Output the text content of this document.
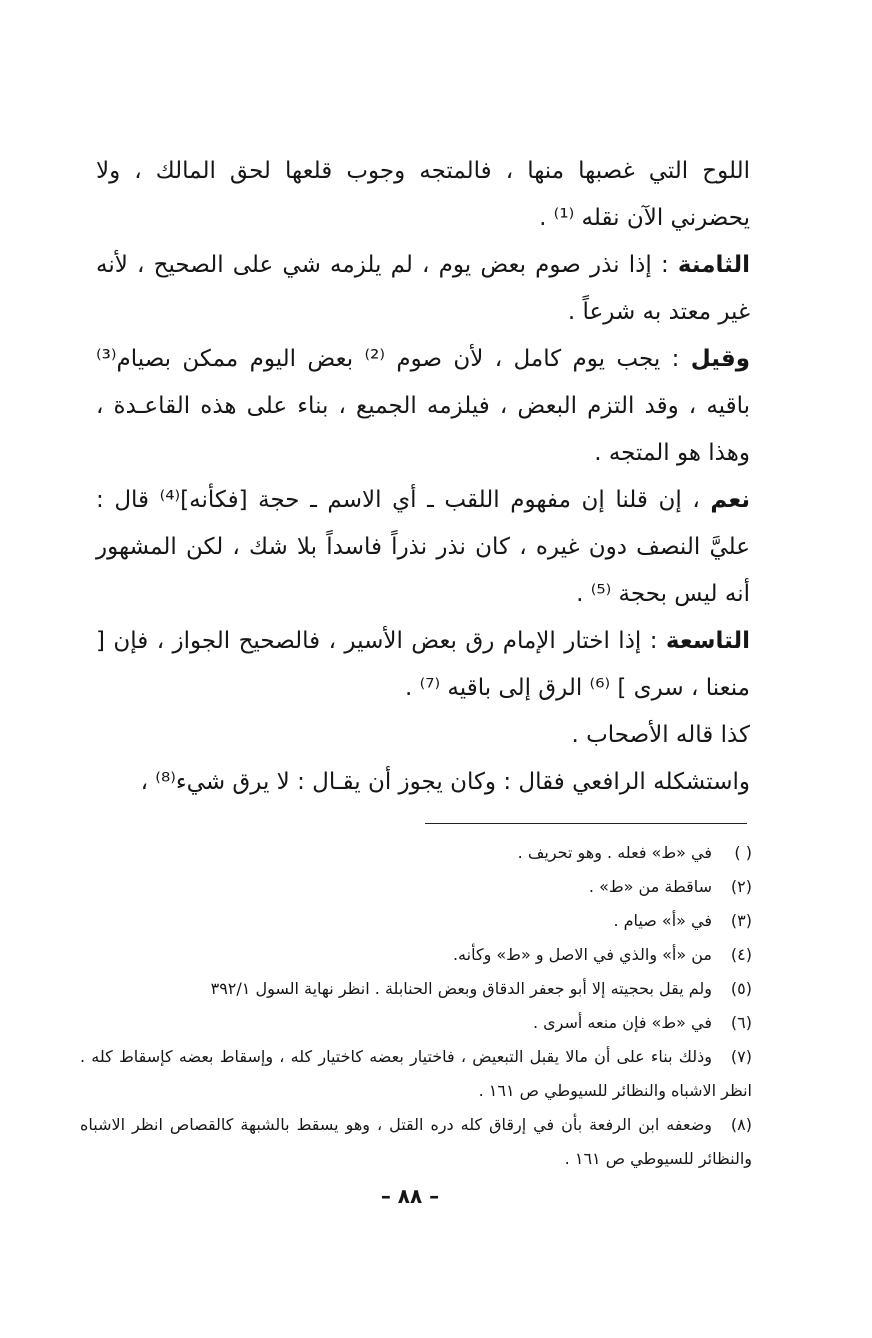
اللوح التي غصبها منها ، فالمتجه وجوب قلعها لحق المالك ، ولا يحضرني الآن نقله ⁽¹⁾ .

الثامنة : إذا نذر صوم بعض يوم ، لم يلزمه شي على الصحيح ، لأنه غير معتد به شرعاً .

وقيل : يجب يوم كامل ، لأن صوم ⁽²⁾ بعض اليوم ممكن بصيام⁽³⁾ باقيه ، وقد التزم البعض ، فيلزمه الجميع ، بناء على هذه القاعـدة ، وهذا هو المتجه .

نعم ، إن قلنا إن مفهوم اللقب ـ أي الاسم ـ حجة [فكأنه]⁽⁴⁾ قال : عليَّ النصف دون غيره ، كان نذر نذراً فاسداً بلا شك ، لكن المشهور أنه ليس بحجة ⁽⁵⁾ .

التاسعة : إذا اختار الإمام رق بعض الأسير ، فالصحيح الجواز ، فإن [ منعنا ، سرى ] ⁽⁶⁾ الرق إلى باقيه ⁽⁷⁾ .

كذا قاله الأصحاب .

واستشكله الرافعي فقال : وكان يجوز أن يقـال : لا يرق شيء⁽⁸⁾ ،

( )في «ط» فعله . وهو تحريف .

(٢)ساقطة من «ط» .

(٣)في «أ» صيام .

(٤)من «أ» والذي في الاصل و «ط» وكأنه.

(٥)ولم يقل بحجيته إلا أبو جعفر الدقاق وبعض الحنابلة . انظر نهاية السول ٣٩٢/١

(٦)في «ط» فإن منعه أسرى .

(٧)وذلك بناء على أن مالا يقبل التبعيض ، فاختيار بعضه كاختيار كله ، وإسقاط بعضه كإسقاط كله . انظر الاشباه والنظائر للسيوطي ص ١٦١ .

(٨)وضعفه ابن الرفعة بأن في إرقاق كله دره القتل ، وهو يسقط بالشبهة كالقصاص انظر الاشباه والنظائر للسيوطي ص ١٦١ .

– ٨٨ –
